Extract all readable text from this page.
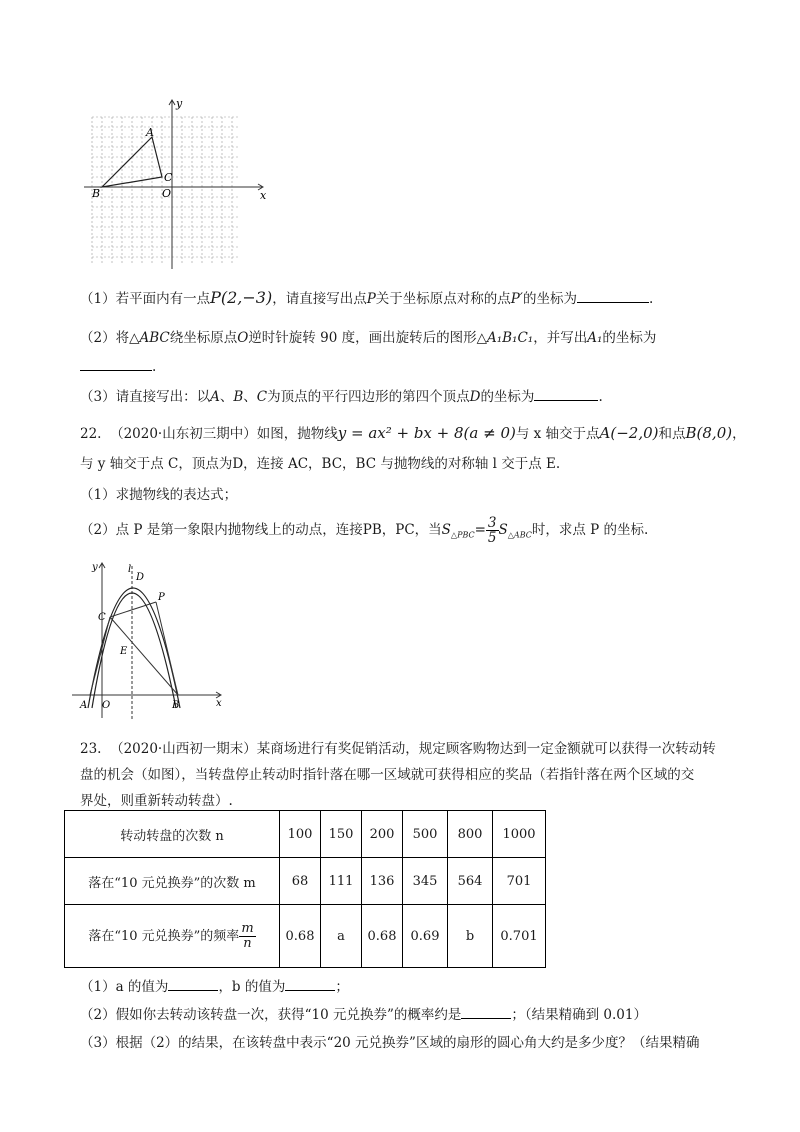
x
y
A
B
C
O
（1）若平面内有一点P(2,−3)，请直接写出点P关于坐标原点对称的点P′的坐标为	.
（2）将△ABC绕坐标原点O逆时针旋转 90 度，画出旋转后的图形△A₁B₁C₁，并写出A₁的坐标为
.
（3）请直接写出：以A、B、C为顶点的平行四边形的第四个顶点D的坐标为	.
22. （2020·山东初三期中）如图，抛物线y = ax² + bx + 8(a ≠ 0)与 x 轴交于点A(−2,0)和点B(8,0)，
与 y 轴交于点 C，顶点为D，连接 AC，BC，BC 与抛物线的对称轴 l 交于点 E.
（1）求抛物线的表达式；
（2）点 P 是第一象限内抛物线上的动点，连接PB，PC，当$S_{\triangle PBC}= \frac{3}{5} S_{\triangle ABC}$时，求点 P 的坐标.
y
x
l
D
P
C
E
A O	B
23. （2020·山西初一期末）某商场进行有奖促销活动，规定顾客购物达到一定金额就可以获得一次转动转
盘的机会（如图），当转盘停止转动时指针落在哪一区域就可获得相应的奖品（若指针落在两个区域的交
界处，则重新转动转盘）.
转动转盘的次数 n	100	150	200	500	800	1000
落在“10 元兑换券”的次数 m	68	111	136	345	564	701
落在“10 元兑换券”的频率 $\frac{m}{n}$	0.68	a	0.68	0.69	b	0.701
（1）a 的值为	，b 的值为	；
（2）假如你去转动该转盘一次，获得“10 元兑换券”的概率约是	；（结果精确到 0.01）
（3）根据（2）的结果，在该转盘中表示“20 元兑换券”区域的扇形的圆心角大约是多少度？（结果精确
